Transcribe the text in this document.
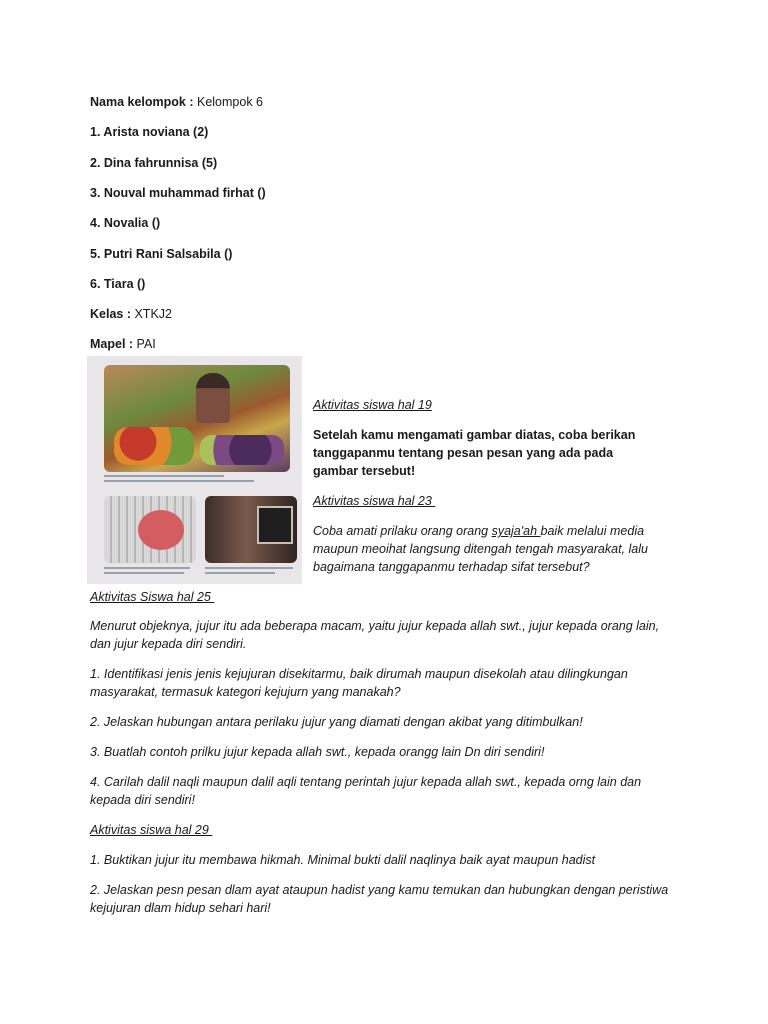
Nama kelompok : Kelompok 6
1. Arista noviana (2)
2. Dina fahrunnisa (5)
3. Nouval muhammad firhat ()
4. Novalia ()
5. Putri Rani Salsabila ()
6. Tiara ()
Kelas : XTKJ2
Mapel : PAI
Aktivitas siswa hal 19
Setelah kamu mengamati gambar diatas, coba berikan tanggapanmu tentang pesan pesan yang ada pada gambar tersebut!
Aktivitas siswa hal 23
Coba amati prilaku orang orang syaja'ah baik melalui media maupun meoihat langsung ditengah tengah masyarakat, lalu bagaimana tanggapanmu terhadap sifat tersebut?
Aktivitas Siswa hal 25
Menurut objeknya, jujur itu ada beberapa macam, yaitu jujur kepada allah swt., jujur kepada orang lain, dan jujur kepada diri sendiri.
1. Identifikasi jenis jenis kejujuran disekitarmu, baik dirumah maupun disekolah atau dilingkungan masyarakat, termasuk kategori kejujurn yang manakah?
2. Jelaskan hubungan antara perilaku jujur yang diamati dengan akibat yang ditimbulkan!
3. Buatlah contoh prilku jujur kepada allah swt., kepada orangg lain Dn diri sendiri!
4. Carilah dalil naqli maupun dalil aqli tentang perintah jujur kepada allah swt., kepada orng lain dan kepada diri sendiri!
Aktivitas siswa hal 29
1. Buktikan jujur itu membawa hikmah. Minimal bukti dalil naqlinya baik ayat maupun hadist
2. Jelaskan pesn pesan dlam ayat ataupun hadist yang kamu temukan dan hubungkan dengan peristiwa kejujuran dlam hidup sehari hari!
